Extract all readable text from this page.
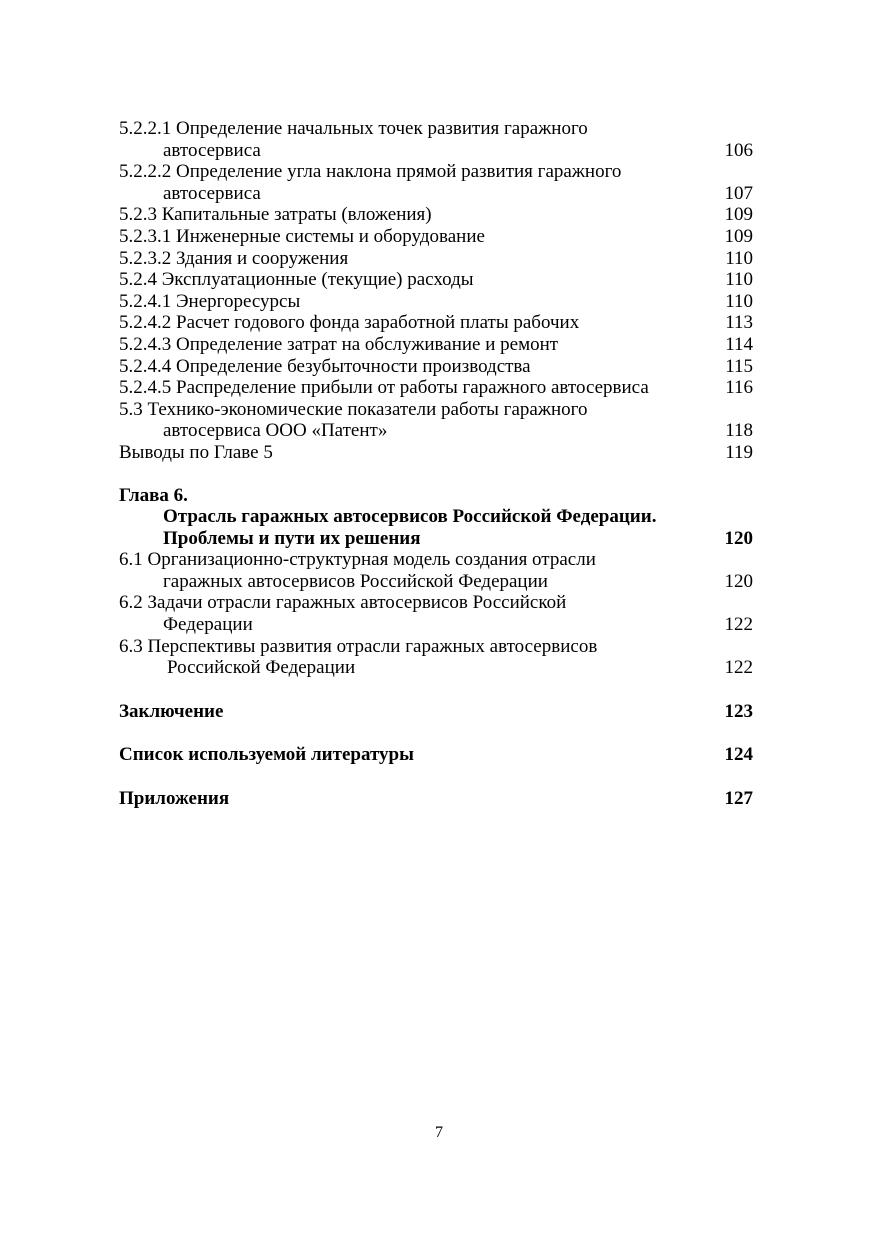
5.2.2.1 Определение начальных точек развития гаражного
автосервиса	106
5.2.2.2 Определение угла наклона прямой развития гаражного
автосервиса	107
5.2.3 Капитальные затраты (вложения)	109
5.2.3.1 Инженерные системы и оборудование	109
5.2.3.2 Здания и сооружения	110
5.2.4 Эксплуатационные (текущие) расходы	110
5.2.4.1 Энергоресурсы	110
5.2.4.2 Расчет годового фонда заработной платы рабочих	113
5.2.4.3 Определение затрат на обслуживание и ремонт	114
5.2.4.4 Определение безубыточности производства	115
5.2.4.5 Распределение прибыли от работы гаражного автосервиса	116
5.3 Технико-экономические показатели работы гаражного
автосервиса ООО «Патент»	118
Выводы по Главе 5	119
Глава 6.
Отрасль гаражных автосервисов Российской Федерации.
Проблемы и пути их решения	120
6.1 Организационно-структурная модель создания отрасли
гаражных автосервисов Российской Федерации	120
6.2 Задачи отрасли гаражных автосервисов Российской
Федерации	122
6.3 Перспективы развития отрасли гаражных автосервисов
Российской Федерации	122
Заключение	123
Список используемой литературы	124
Приложения	127
7
